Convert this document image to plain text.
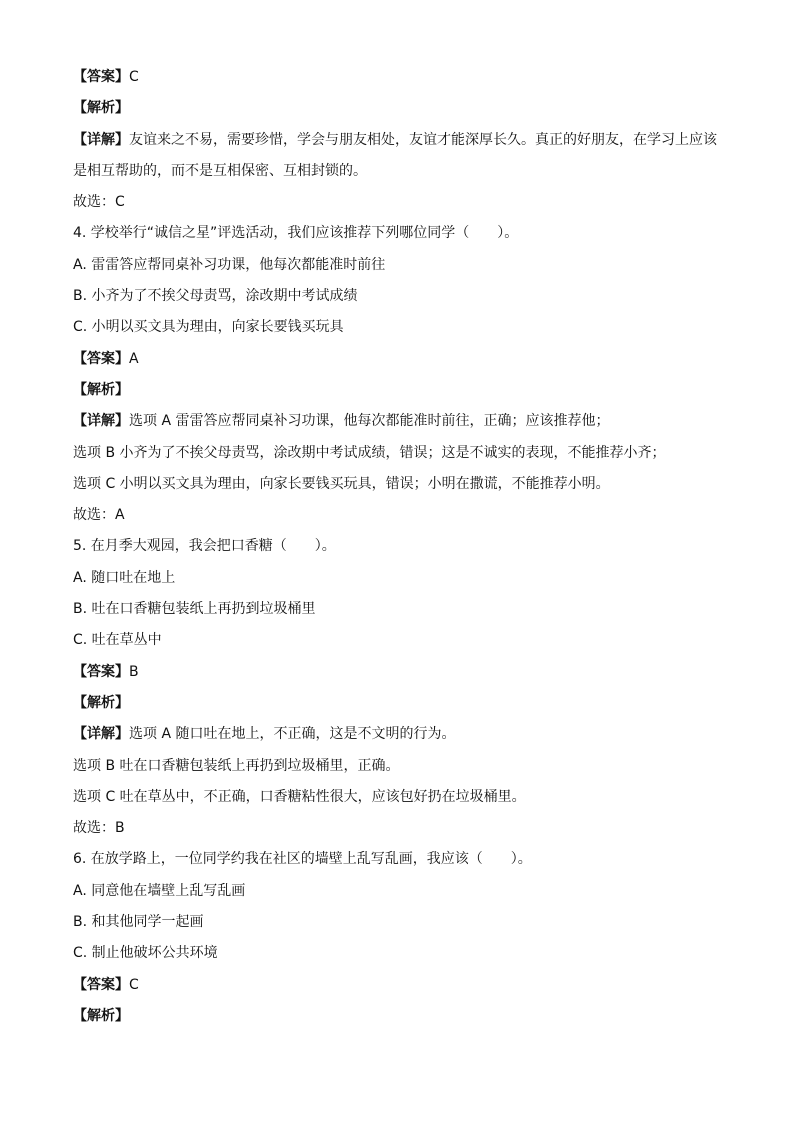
【答案】C
【解析】
【详解】友谊来之不易，需要珍惜，学会与朋友相处，友谊才能深厚长久。真正的好朋友，在学习上应该
是相互帮助的，而不是互相保密、互相封锁的。
故选：C
4. 学校举行“诚信之星”评选活动，我们应该推荐下列哪位同学（　　）。
A. 雷雷答应帮同桌补习功课，他每次都能准时前往
B. 小齐为了不挨父母责骂，涂改期中考试成绩
C. 小明以买文具为理由，向家长要钱买玩具
【答案】A
【解析】
【详解】选项 A 雷雷答应帮同桌补习功课，他每次都能准时前往，正确；应该推荐他；
选项 B 小齐为了不挨父母责骂，涂改期中考试成绩，错误；这是不诚实的表现，不能推荐小齐；
选项 C 小明以买文具为理由，向家长要钱买玩具，错误；小明在撒谎，不能推荐小明。
故选：A
5. 在月季大观园，我会把口香糖（　　）。
A. 随口吐在地上
B. 吐在口香糖包装纸上再扔到垃圾桶里
C. 吐在草丛中
【答案】B
【解析】
【详解】选项 A 随口吐在地上，不正确，这是不文明的行为。
选项 B 吐在口香糖包装纸上再扔到垃圾桶里，正确。
选项 C 吐在草丛中，不正确，口香糖粘性很大，应该包好扔在垃圾桶里。
故选：B
6. 在放学路上，一位同学约我在社区的墙壁上乱写乱画，我应该（　　）。
A. 同意他在墙壁上乱写乱画
B. 和其他同学一起画
C. 制止他破坏公共环境
【答案】C
【解析】
